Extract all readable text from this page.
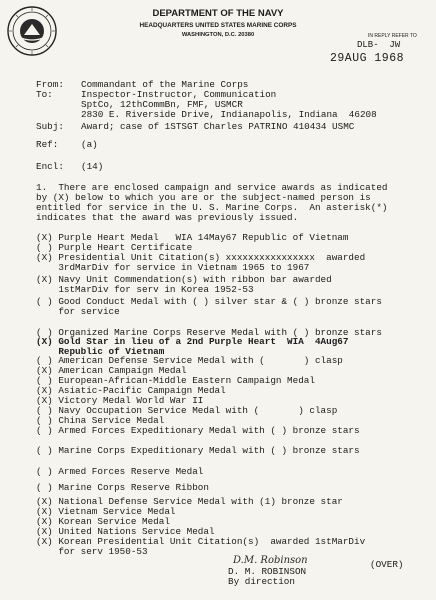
DEPARTMENT OF THE NAVY
HEADQUARTERS UNITED STATES MARINE CORPS
WASHINGTON, D.C. 20380	IN REPLY REFER TO
DLB-  JW
29AUG 1968
From: Commandant of the Marine Corps
To:	Inspector-Instructor, Communication
SptCo, 12thCommBn, FMF, USMCR
2830 E. Riverside Drive, Indianapolis, Indiana  46208
Subj: Award; case of 1STSGT Charles PATRINO 410434 USMC
Ref: (a)
Encl: (14)
1.  There are enclosed campaign and service awards as indicated
by (X) below to which you are or the subject-named person is
entitled for service in the U. S. Marine Corps.  An asterisk(*)
indicates that the award was previously issued.
(X) Purple Heart Medal   WIA 14May67 Republic of Vietnam
( ) Purple Heart Certificate
(X) Presidential Unit Citation(s) xxxxxxxxxxxxxxxx  awarded
3rdMarDiv for service in Vietnam 1965 to 1967
(X) Navy Unit Commendation(s) with ribbon bar awarded
1stMarDiv for serv in Korea 1952-53
( ) Good Conduct Medal with ( ) silver star & ( ) bronze stars
for service
( ) Organized Marine Corps Reserve Medal with ( ) bronze stars
(X) Gold Star in lieu of a 2nd Purple Heart  WIA  4Aug67
Republic of Vietnam
( ) American Defense Service Medal with (       ) clasp
(X) American Campaign Medal
( ) European-African-Middle Eastern Campaign Medal
(X) Asiatic-Pacific Campaign Medal
(X) Victory Medal World War II
( ) Navy Occupation Service Medal with (       ) clasp
( ) China Service Medal
( ) Armed Forces Expeditionary Medal with ( ) bronze stars
( ) Marine Corps Expeditionary Medal with ( ) bronze stars
( ) Armed Forces Reserve Medal
( ) Marine Corps Reserve Ribbon
(X) National Defense Service Medal with (1) bronze star
(X) Vietnam Service Medal
(X) Korean Service Medal
(X) United Nations Service Medal
(X) Korean Presidential Unit Citation(s)  awarded 1stMarDiv
for serv 1950-53
D.M. Robinson	(OVER)
D. M. ROBINSON
By direction
